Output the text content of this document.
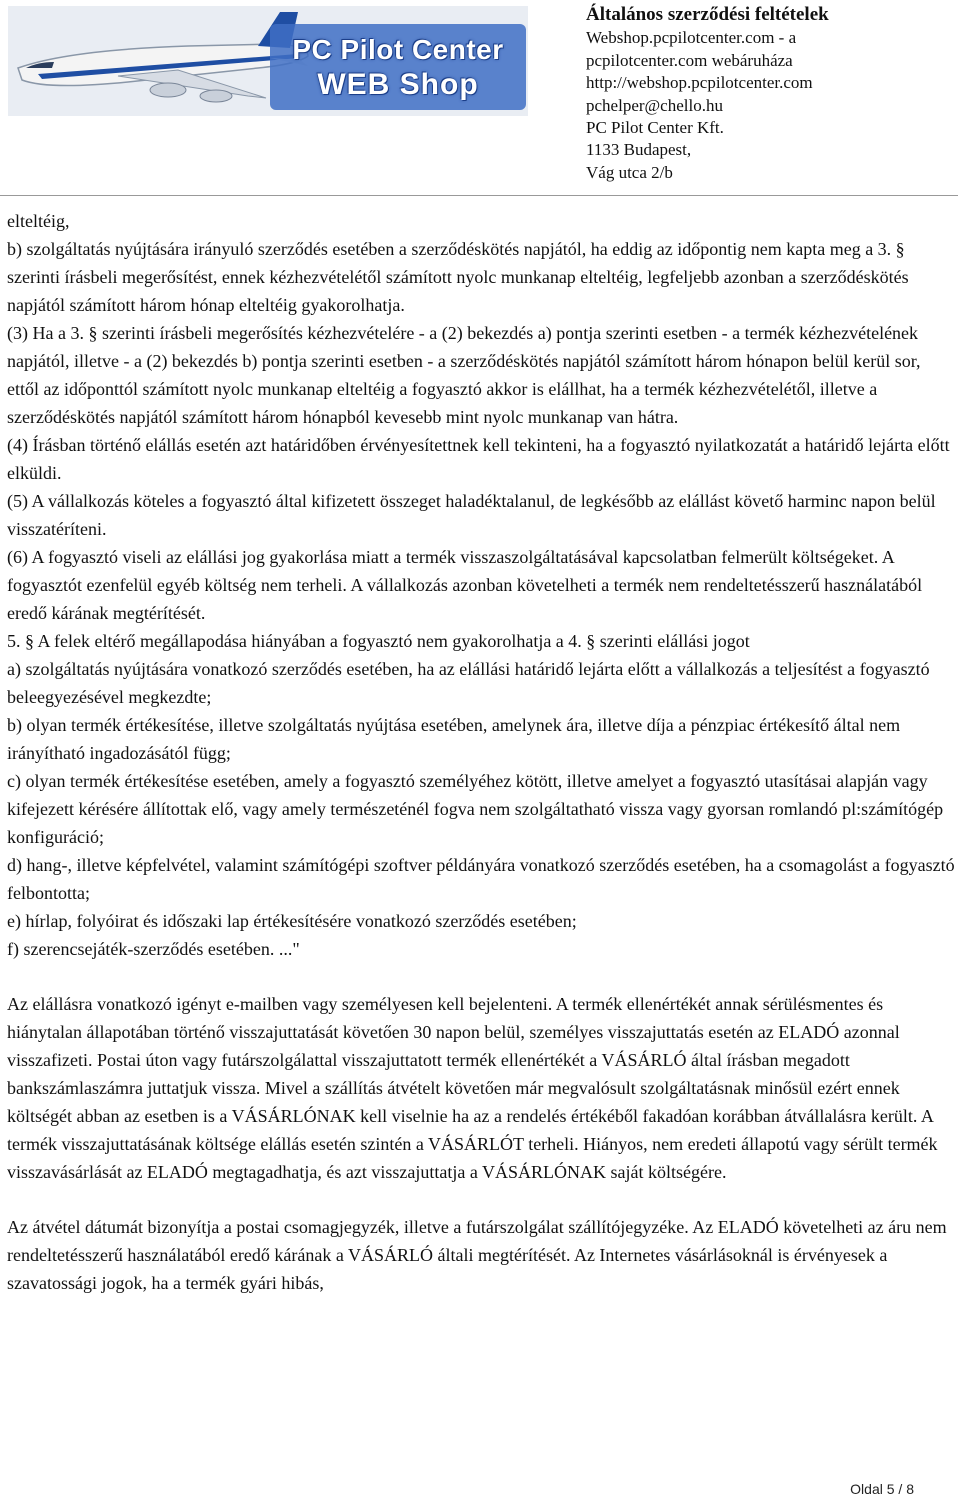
PC Pilot Center
WEB Shop
Általános szerződési feltételek
Webshop.pcpilotcenter.com - a
pcpilotcenter.com webáruháza
http://webshop.pcpilotcenter.com
pchelper@chello.hu
PC Pilot Center Kft.
1133 Budapest,
Vág utca 2/b

elteltéig,

b) szolgáltatás nyújtására irányuló szerződés esetében a szerződéskötés napjától, ha eddig az időpontig nem kapta meg a 3. § szerinti írásbeli megerősítést, ennek kézhezvételétől számított nyolc munkanap elteltéig, legfeljebb azonban a szerződéskötés napjától számított három hónap elteltéig gyakorolhatja.

(3) Ha a 3. § szerinti írásbeli megerősítés kézhezvételére - a (2) bekezdés a) pontja szerinti esetben - a termék kézhezvételének napjától, illetve - a (2) bekezdés b) pontja szerinti esetben - a szerződéskötés napjától számított három hónapon belül kerül sor, ettől az időponttól számított nyolc munkanap elteltéig a fogyasztó akkor is elállhat, ha a termék kézhezvételétől, illetve a szerződéskötés napjától számított három hónapból kevesebb mint nyolc munkanap van hátra.

(4) Írásban történő elállás esetén azt határidőben érvényesítettnek kell tekinteni, ha a fogyasztó nyilatkozatát a határidő lejárta előtt elküldi.

(5) A vállalkozás köteles a fogyasztó által kifizetett összeget haladéktalanul, de legkésőbb az elállást követő harminc napon belül visszatéríteni.

(6) A fogyasztó viseli az elállási jog gyakorlása miatt a termék visszaszolgáltatásával kapcsolatban felmerült költségeket. A fogyasztót ezenfelül egyéb költség nem terheli. A vállalkozás azonban követelheti a termék nem rendeltetésszerű használatából eredő kárának megtérítését.

5. § A felek eltérő megállapodása hiányában a fogyasztó nem gyakorolhatja a 4. § szerinti elállási jogot

a) szolgáltatás nyújtására vonatkozó szerződés esetében, ha az elállási határidő lejárta előtt a vállalkozás a teljesítést a fogyasztó beleegyezésével megkezdte;

b) olyan termék értékesítése, illetve szolgáltatás nyújtása esetében, amelynek ára, illetve díja a pénzpiac értékesítő által nem irányítható ingadozásától függ;

c) olyan termék értékesítése esetében, amely a fogyasztó személyéhez kötött, illetve amelyet a fogyasztó utasításai alapján vagy kifejezett kérésére állítottak elő, vagy amely természeténél fogva nem szolgáltatható vissza vagy gyorsan romlandó pl:számítógép konfiguráció;

d) hang-, illetve képfelvétel, valamint számítógépi szoftver példányára vonatkozó szerződés esetében, ha a csomagolást a fogyasztó felbontotta;

e) hírlap, folyóirat és időszaki lap értékesítésére vonatkozó szerződés esetében;

f) szerencsejáték-szerződés esetében. ..."

Az elállásra vonatkozó igényt e-mailben vagy személyesen kell bejelenteni. A termék ellenértékét annak sérülésmentes és hiánytalan állapotában történő visszajuttatását követően 30 napon belül, személyes visszajuttatás esetén az ELADÓ azonnal visszafizeti. Postai úton vagy futárszolgálattal visszajuttatott termék ellenértékét a VÁSÁRLÓ által írásban megadott bankszámlaszámra juttatjuk vissza. Mivel a szállítás átvételt követően már megvalósult szolgáltatásnak minősül ezért ennek költségét abban az esetben is a VÁSÁRLÓNAK kell viselnie ha az a rendelés értékéből fakadóan korábban átvállalásra került. A termék visszajuttatásának költsége elállás esetén szintén a VÁSÁRLÓT terheli. Hiányos, nem eredeti állapotú vagy sérült termék visszavásárlását az ELADÓ megtagadhatja, és azt visszajuttatja a VÁSÁRLÓNAK saját költségére.

Az átvétel dátumát bizonyítja a postai csomagjegyzék, illetve a futárszolgálat szállítójegyzéke. Az ELADÓ követelheti az áru nem rendeltetésszerű használatából eredő kárának a VÁSÁRLÓ általi megtérítését. Az Internetes vásárlásoknál is érvényesek a szavatossági jogok, ha a termék gyári hibás,

Oldal 5 / 8
